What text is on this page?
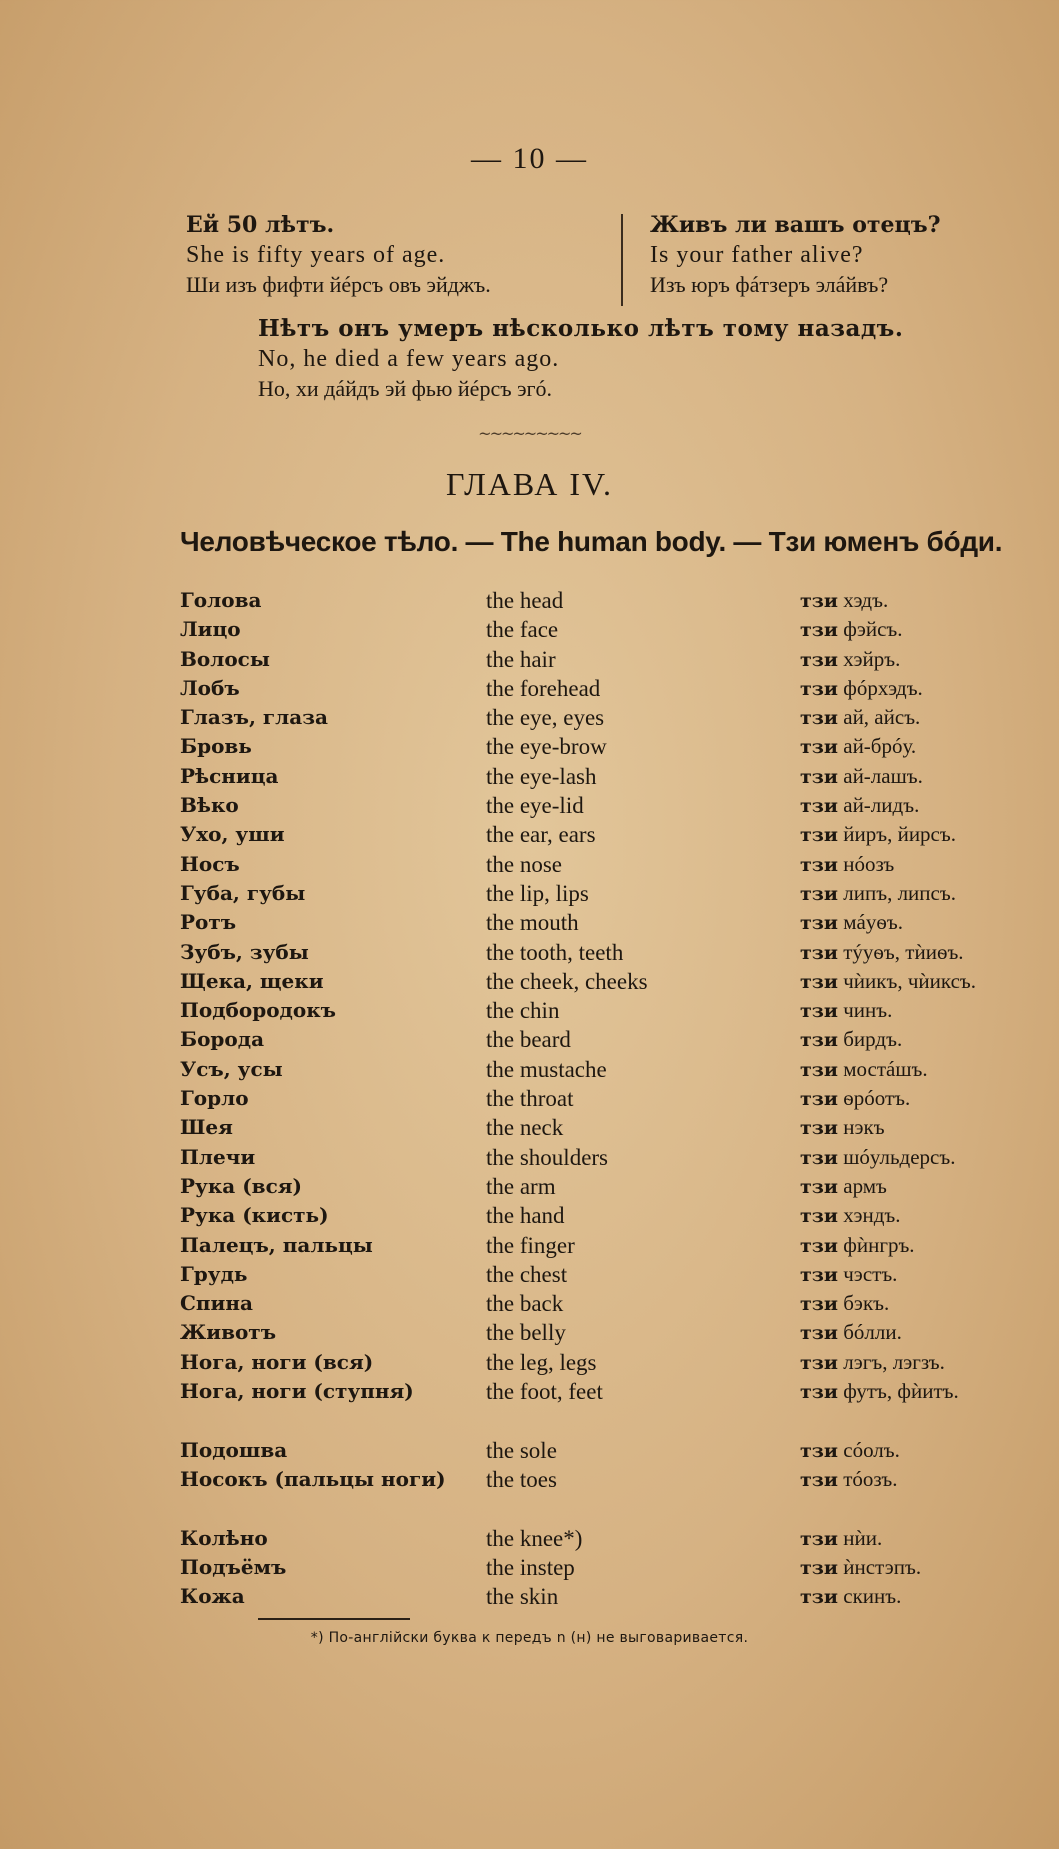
— 10 —
Ей 50 лѣтъ.
She is fifty years of age.
Ши изъ фифти йéрсъ овъ эйджъ.
Живъ ли вашъ отецъ?
Is your father alive?
Изъ юръ фáтзеръ элáйвъ?
Нѣтъ онъ умеръ нѣсколько лѣтъ тому назадъ.
No, he died a few years ago.
Но, хи дáйдъ эй фью йéрсъ эгó.
~~~~~~~~~
ГЛАВА IV.
Человѣческое тѣло. — The human body. — Тзи юменъ бóди.
Голова	the head	тзи хэдъ.
Лицо	the face	тзи фэйсъ.
Волосы	the hair	тзи хэйръ.
Лобъ	the forehead	тзи фóрхэдъ.
Глазъ, глаза	the eye, eyes	тзи ай, айсъ.
Бровь	the eye-brow	тзи ай-брóу.
Рѣсница	the eye-lash	тзи ай-лашъ.
Вѣко	the eye-lid	тзи ай-лидъ.
Ухо, уши	the ear, ears	тзи йиръ, йирсъ.
Носъ	the nose	тзи нóозъ
Губа, губы	the lip, lips	тзи липъ, липсъ.
Ротъ	the mouth	тзи мáуѳъ.
Зубъ, зубы	the tooth, teeth	тзи тýуѳъ, тѝиѳъ.
Щека, щеки	the cheek, cheeks	тзи чѝикъ, чѝиксъ.
Подбородокъ	the chin	тзи чинъ.
Борода	the beard	тзи бирдъ.
Усъ, усы	the mustache	тзи мостáшъ.
Горло	the throat	тзи ѳрóотъ.
Шея	the neck	тзи нэкъ
Плечи	the shoulders	тзи шóульдерсъ.
Рука (вся)	the arm	тзи армъ
Рука (кисть)	the hand	тзи хэндъ.
Палецъ, пальцы	the finger	тзи фѝнгръ.
Грудь	the chest	тзи чэстъ.
Спина	the back	тзи бэкъ.
Животъ	the belly	тзи бóлли.
Нога, ноги (вся)	the leg, legs	тзи лэгъ, лэгзъ.
Нога, ноги (ступня)	the foot, feet	тзи футъ, фѝитъ.
Подошва	the sole	тзи сóолъ.
Носокъ (пальцы ноги)	the toes	тзи тóозъ.
Колѣно	the knee*)	тзи нѝи.
Подъёмъ	the instep	тзи ѝнстэпъ.
Кожа	the skin	тзи скинъ.
*) По-англійски буква к передъ n (н) не выговаривается.
